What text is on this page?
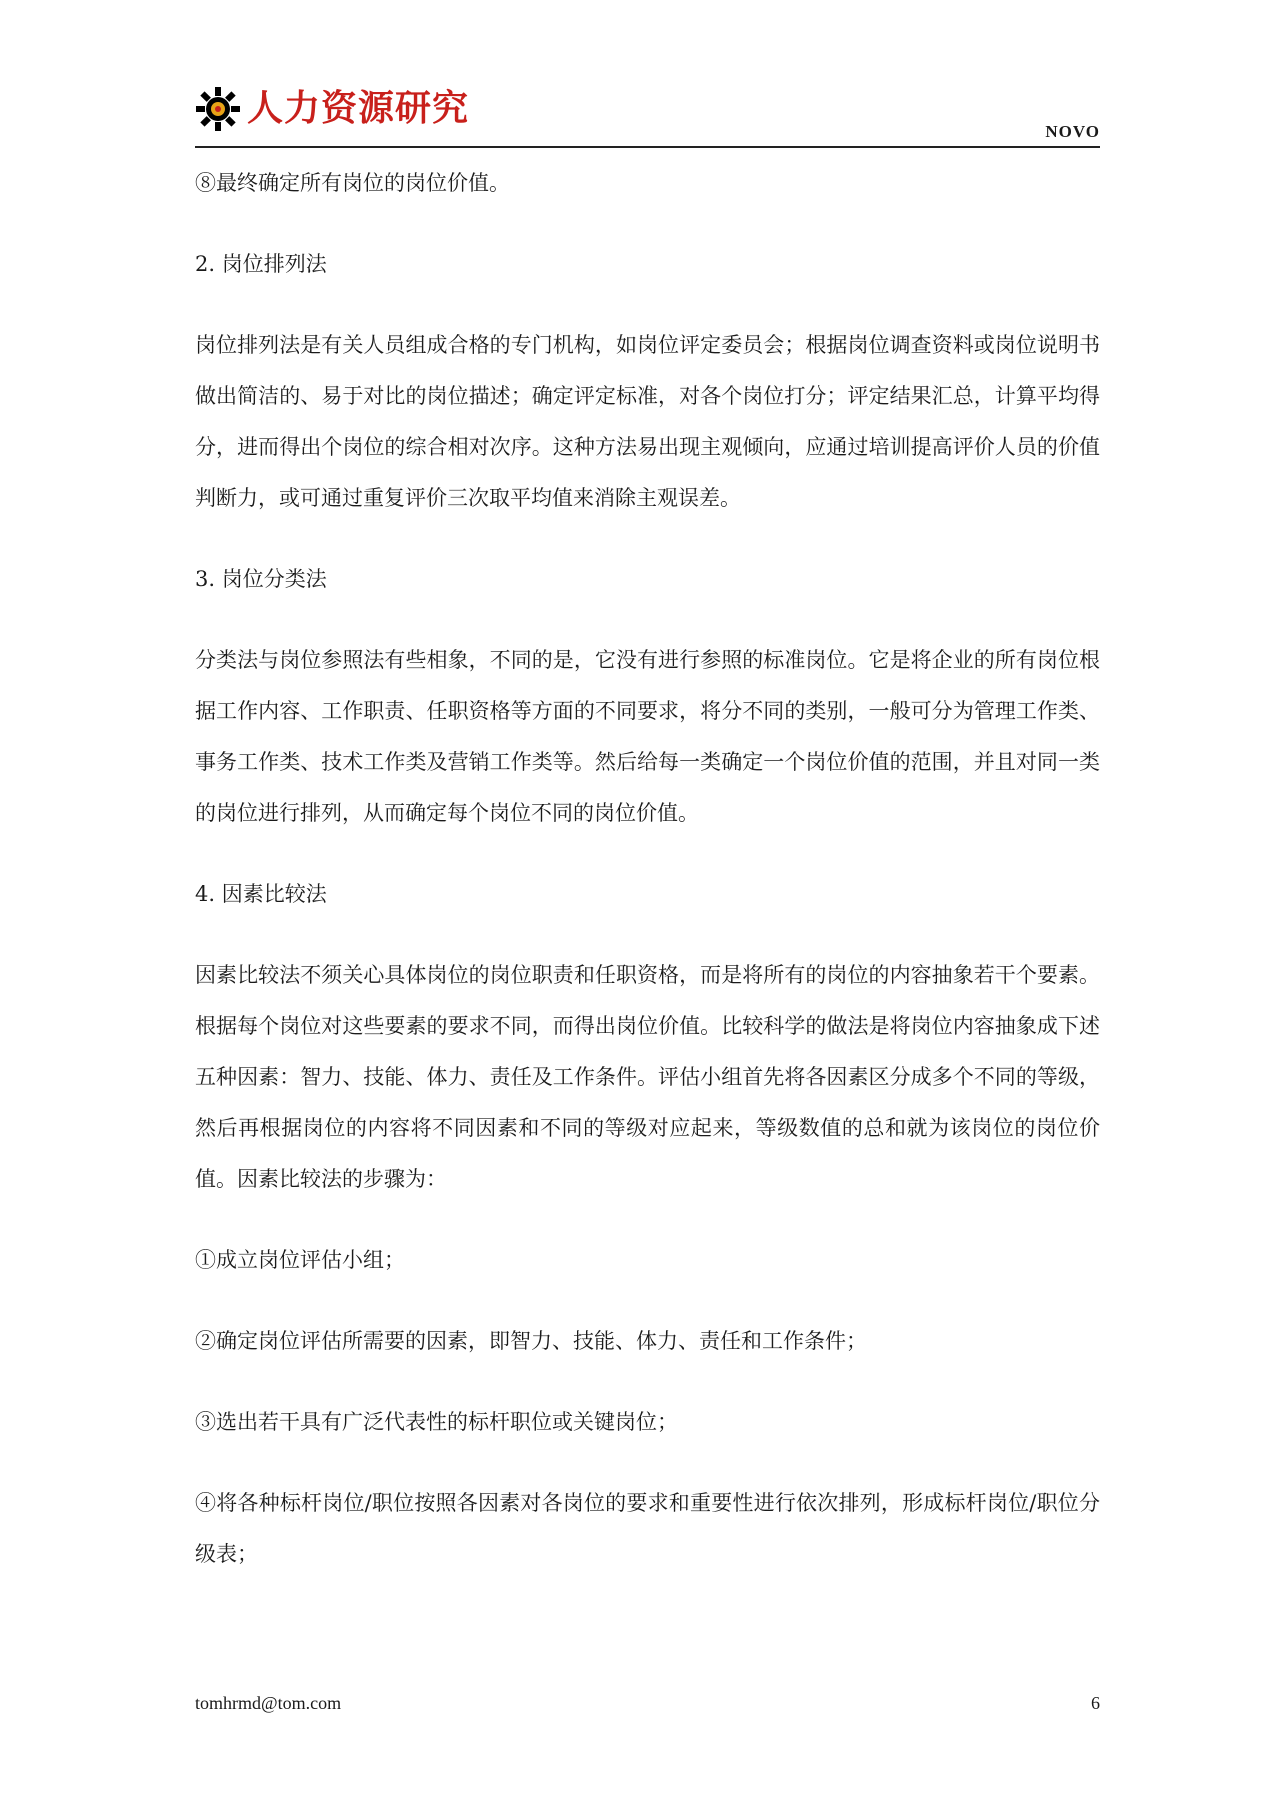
人力资源研究
NOVO

⑧最终确定所有岗位的岗位价值。

2. 岗位排列法

岗位排列法是有关人员组成合格的专门机构，如岗位评定委员会；根据岗位调查资料或岗位说明书做出简洁的、易于对比的岗位描述；确定评定标准，对各个岗位打分；评定结果汇总，计算平均得分，进而得出个岗位的综合相对次序。这种方法易出现主观倾向，应通过培训提高评价人员的价值判断力，或可通过重复评价三次取平均值来消除主观误差。

3. 岗位分类法

分类法与岗位参照法有些相象，不同的是，它没有进行参照的标准岗位。它是将企业的所有岗位根据工作内容、工作职责、任职资格等方面的不同要求，将分不同的类别，一般可分为管理工作类、事务工作类、技术工作类及营销工作类等。然后给每一类确定一个岗位价值的范围，并且对同一类的岗位进行排列，从而确定每个岗位不同的岗位价值。

4. 因素比较法

因素比较法不须关心具体岗位的岗位职责和任职资格，而是将所有的岗位的内容抽象若干个要素。根据每个岗位对这些要素的要求不同，而得出岗位价值。比较科学的做法是将岗位内容抽象成下述五种因素：智力、技能、体力、责任及工作条件。评估小组首先将各因素区分成多个不同的等级，然后再根据岗位的内容将不同因素和不同的等级对应起来，等级数值的总和就为该岗位的岗位价值。因素比较法的步骤为：

①成立岗位评估小组；

②确定岗位评估所需要的因素，即智力、技能、体力、责任和工作条件；

③选出若干具有广泛代表性的标杆职位或关键岗位；

④将各种标杆岗位/职位按照各因素对各岗位的要求和重要性进行依次排列，形成标杆岗位/职位分级表；

tomhrmd@tom.com	6
